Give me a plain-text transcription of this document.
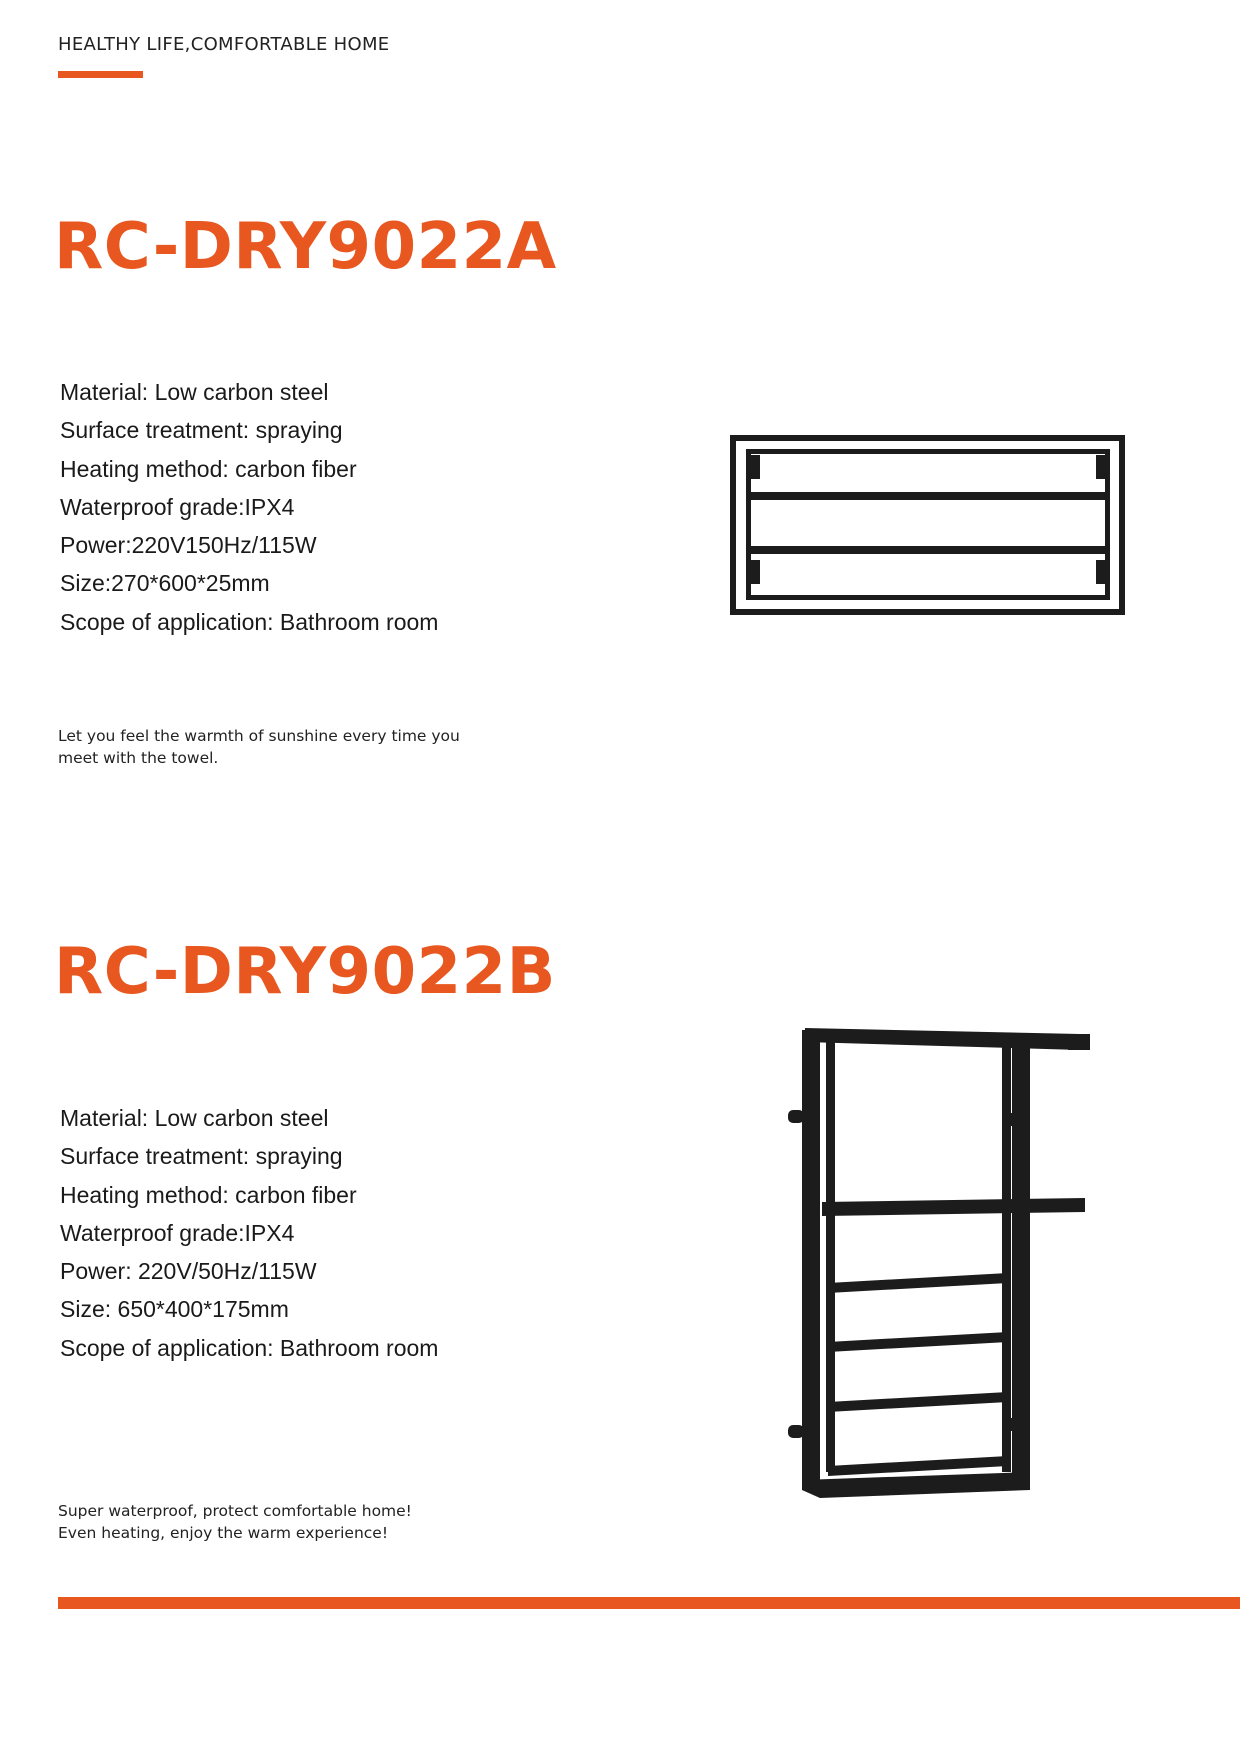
HEALTHY LIFE,COMFORTABLE HOME
RC-DRY9022A
Material: Low carbon steel
Surface treatment: spraying
Heating method: carbon fiber
Waterproof grade:IPX4
Power:220V150Hz/115W
Size:270*600*25mm
Scope of application: Bathroom room
Let you feel the warmth of sunshine every time you
meet with the towel.
RC-DRY9022B
Material: Low carbon steel
Surface treatment: spraying
Heating method: carbon fiber
Waterproof grade:IPX4
Power: 220V/50Hz/115W
Size: 650*400*175mm
Scope of application: Bathroom room
Super waterproof, protect comfortable home!
Even heating, enjoy the warm experience!
